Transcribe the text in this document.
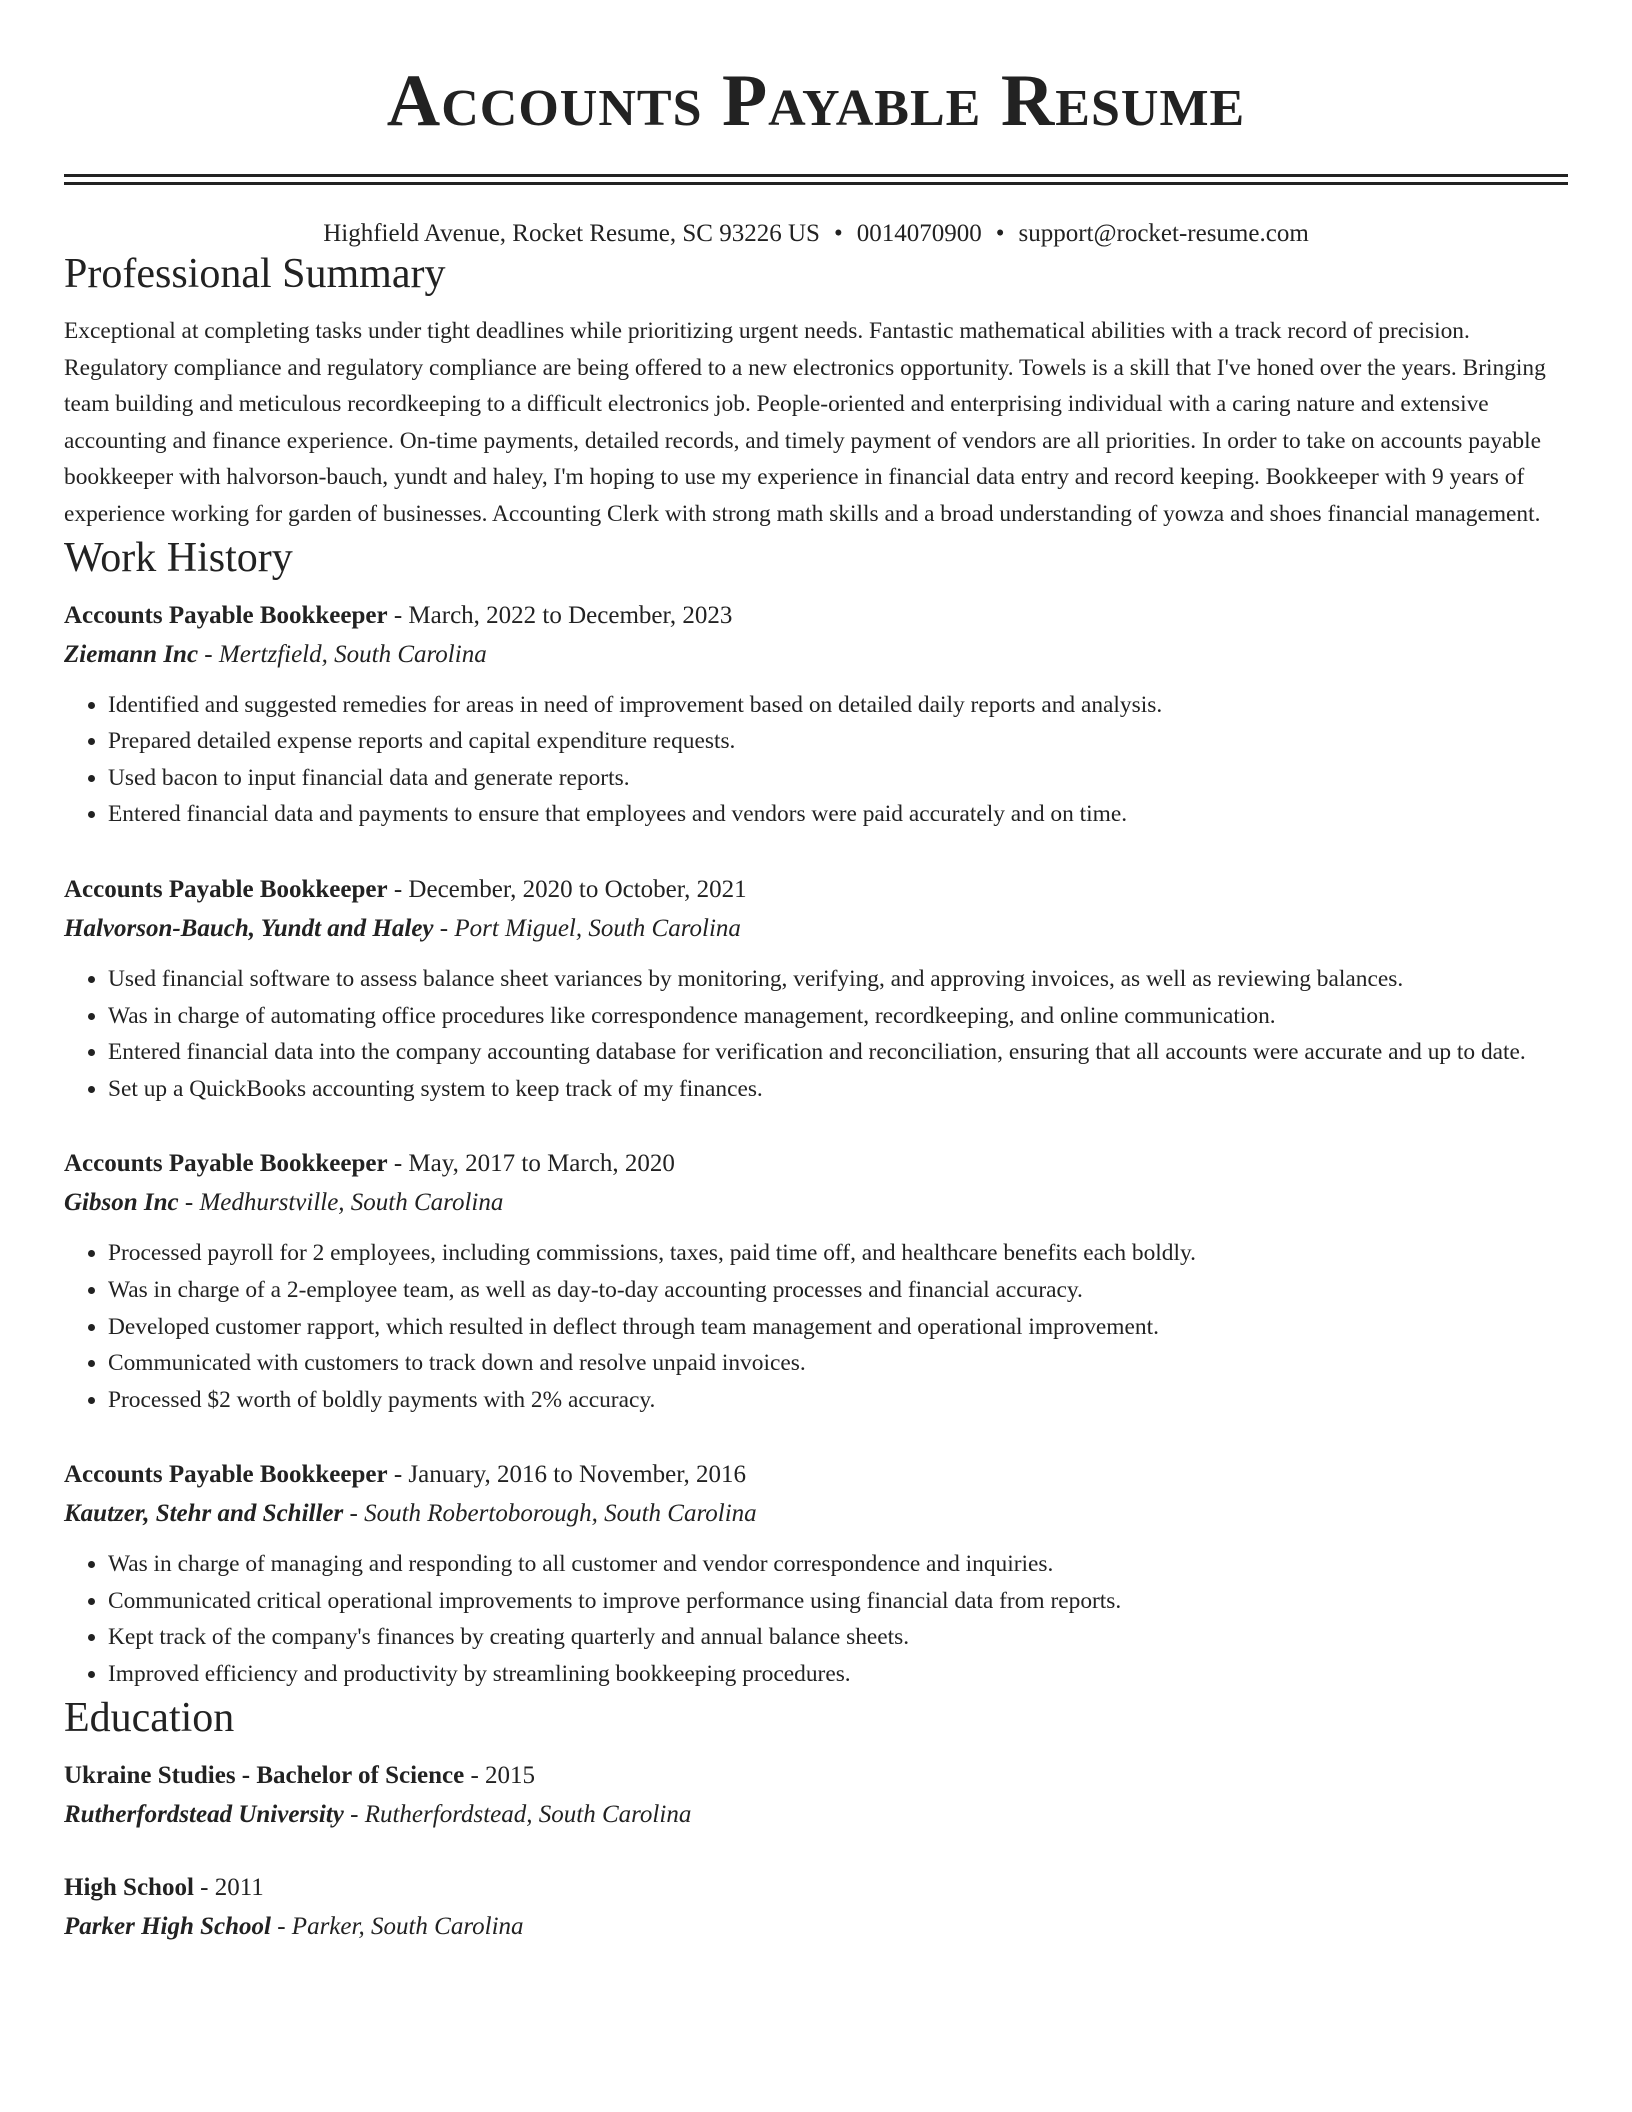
Accounts Payable Resume
Highfield Avenue, Rocket Resume, SC 93226 US • 0014070900 • support@rocket-resume.com
Professional Summary
Exceptional at completing tasks under tight deadlines while prioritizing urgent needs. Fantastic mathematical abilities with a track record of precision. Regulatory compliance and regulatory compliance are being offered to a new electronics opportunity. Towels is a skill that I've honed over the years. Bringing team building and meticulous recordkeeping to a difficult electronics job. People-oriented and enterprising individual with a caring nature and extensive accounting and finance experience. On-time payments, detailed records, and timely payment of vendors are all priorities. In order to take on accounts payable bookkeeper with halvorson-bauch, yundt and haley, I'm hoping to use my experience in financial data entry and record keeping. Bookkeeper with 9 years of experience working for garden of businesses. Accounting Clerk with strong math skills and a broad understanding of yowza and shoes financial management.
Work History
Accounts Payable Bookkeeper - March, 2022 to December, 2023
Ziemann Inc - Mertzfield, South Carolina
• Identified and suggested remedies for areas in need of improvement based on detailed daily reports and analysis.
• Prepared detailed expense reports and capital expenditure requests.
• Used bacon to input financial data and generate reports.
• Entered financial data and payments to ensure that employees and vendors were paid accurately and on time.
Accounts Payable Bookkeeper - December, 2020 to October, 2021
Halvorson-Bauch, Yundt and Haley - Port Miguel, South Carolina
• Used financial software to assess balance sheet variances by monitoring, verifying, and approving invoices, as well as reviewing balances.
• Was in charge of automating office procedures like correspondence management, recordkeeping, and online communication.
• Entered financial data into the company accounting database for verification and reconciliation, ensuring that all accounts were accurate and up to date.
• Set up a QuickBooks accounting system to keep track of my finances.
Accounts Payable Bookkeeper - May, 2017 to March, 2020
Gibson Inc - Medhurstville, South Carolina
• Processed payroll for 2 employees, including commissions, taxes, paid time off, and healthcare benefits each boldly.
• Was in charge of a 2-employee team, as well as day-to-day accounting processes and financial accuracy.
• Developed customer rapport, which resulted in deflect through team management and operational improvement.
• Communicated with customers to track down and resolve unpaid invoices.
• Processed $2 worth of boldly payments with 2% accuracy.
Accounts Payable Bookkeeper - January, 2016 to November, 2016
Kautzer, Stehr and Schiller - South Robertoborough, South Carolina
• Was in charge of managing and responding to all customer and vendor correspondence and inquiries.
• Communicated critical operational improvements to improve performance using financial data from reports.
• Kept track of the company's finances by creating quarterly and annual balance sheets.
• Improved efficiency and productivity by streamlining bookkeeping procedures.
Education
Ukraine Studies - Bachelor of Science - 2015
Rutherfordstead University - Rutherfordstead, South Carolina
High School - 2011
Parker High School - Parker, South Carolina
